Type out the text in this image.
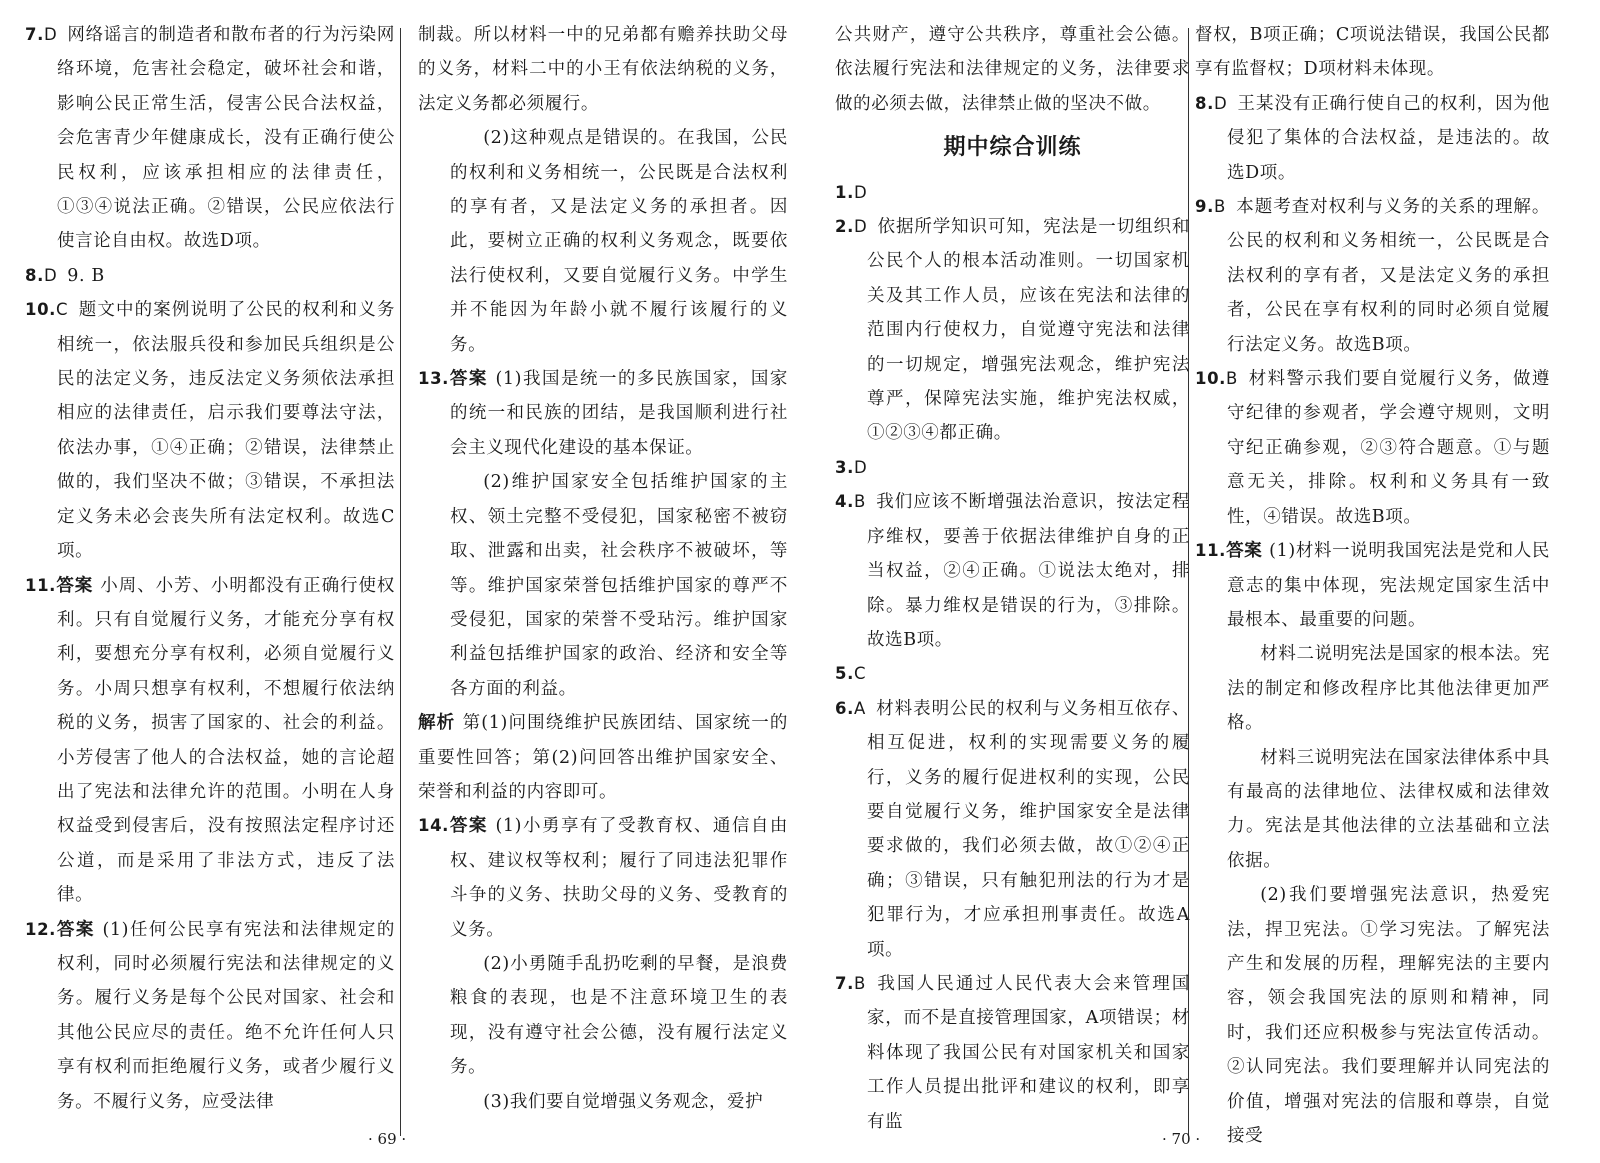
7.D 网络谣言的制造者和散布者的行为污染网络环境，危害社会稳定，破坏社会和谐，影响公民正常生活，侵害公民合法权益，会危害青少年健康成长，没有正确行使公民权利，应该承担相应的法律责任，①③④说法正确。②错误，公民应依法行使言论自由权。故选D项。

8.D 9. B

10.C 题文中的案例说明了公民的权利和义务相统一，依法服兵役和参加民兵组织是公民的法定义务，违反法定义务须依法承担相应的法律责任，启示我们要尊法守法，依法办事，①④正确；②错误，法律禁止做的，我们坚决不做；③错误，不承担法定义务未必会丧失所有法定权利。故选C项。

11.答案 小周、小芳、小明都没有正确行使权利。只有自觉履行义务，才能充分享有权利，要想充分享有权利，必须自觉履行义务。小周只想享有权利，不想履行依法纳税的义务，损害了国家的、社会的利益。小芳侵害了他人的合法权益，她的言论超出了宪法和法律允许的范围。小明在人身权益受到侵害后，没有按照法定程序讨还公道，而是采用了非法方式，违反了法律。

12.答案 (1)任何公民享有宪法和法律规定的权利，同时必须履行宪法和法律规定的义务。履行义务是每个公民对国家、社会和其他公民应尽的责任。绝不允许任何人只享有权利而拒绝履行义务，或者少履行义务。不履行义务，应受法律

制裁。所以材料一中的兄弟都有赡养扶助父母的义务，材料二中的小王有依法纳税的义务，法定义务都必须履行。

(2)这种观点是错误的。在我国，公民的权利和义务相统一，公民既是合法权利的享有者，又是法定义务的承担者。因此，要树立正确的权利义务观念，既要依法行使权利，又要自觉履行义务。中学生并不能因为年龄小就不履行该履行的义务。

13.答案 (1)我国是统一的多民族国家，国家的统一和民族的团结，是我国顺利进行社会主义现代化建设的基本保证。

(2)维护国家安全包括维护国家的主权、领土完整不受侵犯，国家秘密不被窃取、泄露和出卖，社会秩序不被破坏，等等。维护国家荣誉包括维护国家的尊严不受侵犯，国家的荣誉不受玷污。维护国家利益包括维护国家的政治、经济和安全等各方面的利益。

解析 第(1)问围绕维护民族团结、国家统一的重要性回答；第(2)问回答出维护国家安全、荣誉和利益的内容即可。

14.答案 (1)小勇享有了受教育权、通信自由权、建议权等权利；履行了同违法犯罪作斗争的义务、扶助父母的义务、受教育的义务。

(2)小勇随手乱扔吃剩的早餐，是浪费粮食的表现，也是不注意环境卫生的表现，没有遵守社会公德，没有履行法定义务。

(3)我们要自觉增强义务观念，爱护

公共财产，遵守公共秩序，尊重社会公德。依法履行宪法和法律规定的义务，法律要求做的必须去做，法律禁止做的坚决不做。

期中综合训练

1.D

2.D 依据所学知识可知，宪法是一切组织和公民个人的根本活动准则。一切国家机关及其工作人员，应该在宪法和法律的范围内行使权力，自觉遵守宪法和法律的一切规定，增强宪法观念，维护宪法尊严，保障宪法实施，维护宪法权威，①②③④都正确。

3.D

4.B 我们应该不断增强法治意识，按法定程序维权，要善于依据法律维护自身的正当权益，②④正确。①说法太绝对，排除。暴力维权是错误的行为，③排除。故选B项。

5.C

6.A 材料表明公民的权利与义务相互依存、相互促进，权利的实现需要义务的履行，义务的履行促进权利的实现，公民要自觉履行义务，维护国家安全是法律要求做的，我们必须去做，故①②④正确；③错误，只有触犯刑法的行为才是犯罪行为，才应承担刑事责任。故选A项。

7.B 我国人民通过人民代表大会来管理国家，而不是直接管理国家，A项错误；材料体现了我国公民有对国家机关和国家工作人员提出批评和建议的权利，即享有监

督权，B项正确；C项说法错误，我国公民都享有监督权；D项材料未体现。

8.D 王某没有正确行使自己的权利，因为他侵犯了集体的合法权益，是违法的。故选D项。

9.B 本题考查对权利与义务的关系的理解。公民的权利和义务相统一，公民既是合法权利的享有者，又是法定义务的承担者，公民在享有权利的同时必须自觉履行法定义务。故选B项。

10.B 材料警示我们要自觉履行义务，做遵守纪律的参观者，学会遵守规则，文明守纪正确参观，②③符合题意。①与题意无关，排除。权利和义务具有一致性，④错误。故选B项。

11.答案 (1)材料一说明我国宪法是党和人民意志的集中体现，宪法规定国家生活中最根本、最重要的问题。

材料二说明宪法是国家的根本法。宪法的制定和修改程序比其他法律更加严格。

材料三说明宪法在国家法律体系中具有最高的法律地位、法律权威和法律效力。宪法是其他法律的立法基础和立法依据。

(2)我们要增强宪法意识，热爱宪法，捍卫宪法。①学习宪法。了解宪法产生和发展的历程，理解宪法的主要内容，领会我国宪法的原则和精神，同时，我们还应积极参与宪法宣传活动。②认同宪法。我们要理解并认同宪法的价值，增强对宪法的信服和尊崇，自觉接受

· 69 ·	· 70 ·
